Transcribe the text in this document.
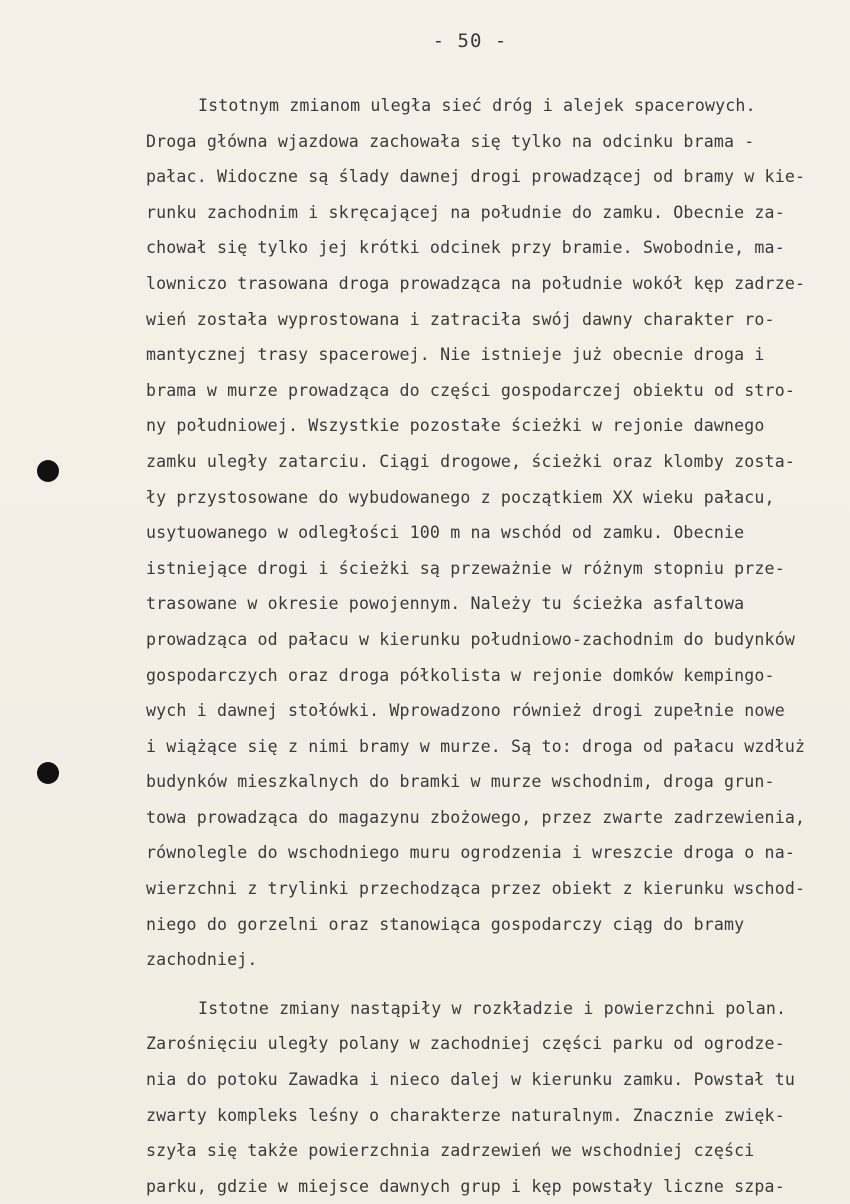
- 50 -
Istotnym zmianom uległa sieć dróg i alejek spacerowych.
Droga główna wjazdowa zachowała się tylko na odcinku brama -
pałac. Widoczne są ślady dawnej drogi prowadzącej od bramy w kie-
runku zachodnim i skręcającej na południe do zamku. Obecnie za-
chował się tylko jej krótki odcinek przy bramie. Swobodnie, ma-
lowniczo trasowana droga prowadząca na południe wokół kęp zadrze-
wień została wyprostowana i zatraciła swój dawny charakter ro-
mantycznej trasy spacerowej. Nie istnieje już obecnie droga i
brama w murze prowadząca do części gospodarczej obiektu od stro-
ny południowej. Wszystkie pozostałe ścieżki w rejonie dawnego
zamku uległy zatarciu. Ciągi drogowe, ścieżki oraz klomby zosta-
ły przystosowane do wybudowanego z początkiem XX wieku pałacu,
usytuowanego w odległości 100 m na wschód od zamku. Obecnie
istniejące drogi i ścieżki są przeważnie w różnym stopniu prze-
trasowane w okresie powojennym. Należy tu ścieżka asfaltowa
prowadząca od pałacu w kierunku południowo-zachodnim do budynków
gospodarczych oraz droga półkolista w rejonie domków kempingo-
wych i dawnej stołówki. Wprowadzono również drogi zupełnie nowe
i wiążące się z nimi bramy w murze. Są to: droga od pałacu wzdłuż
budynków mieszkalnych do bramki w murze wschodnim, droga grun-
towa prowadząca do magazynu zbożowego, przez zwarte zadrzewienia,
równolegle do wschodniego muru ogrodzenia i wreszcie droga o na-
wierzchni z trylinki przechodząca przez obiekt z kierunku wschod-
niego do gorzelni oraz stanowiąca gospodarczy ciąg do bramy
zachodniej.
Istotne zmiany nastąpiły w rozkładzie i powierzchni polan.
Zarośnięciu uległy polany w zachodniej części parku od ogrodze-
nia do potoku Zawadka i nieco dalej w kierunku zamku. Powstał tu
zwarty kompleks leśny o charakterze naturalnym. Znacznie zwięk-
szyła się także powierzchnia zadrzewień we wschodniej części
parku, gdzie w miejsce dawnych grup i kęp powstały liczne szpa-
